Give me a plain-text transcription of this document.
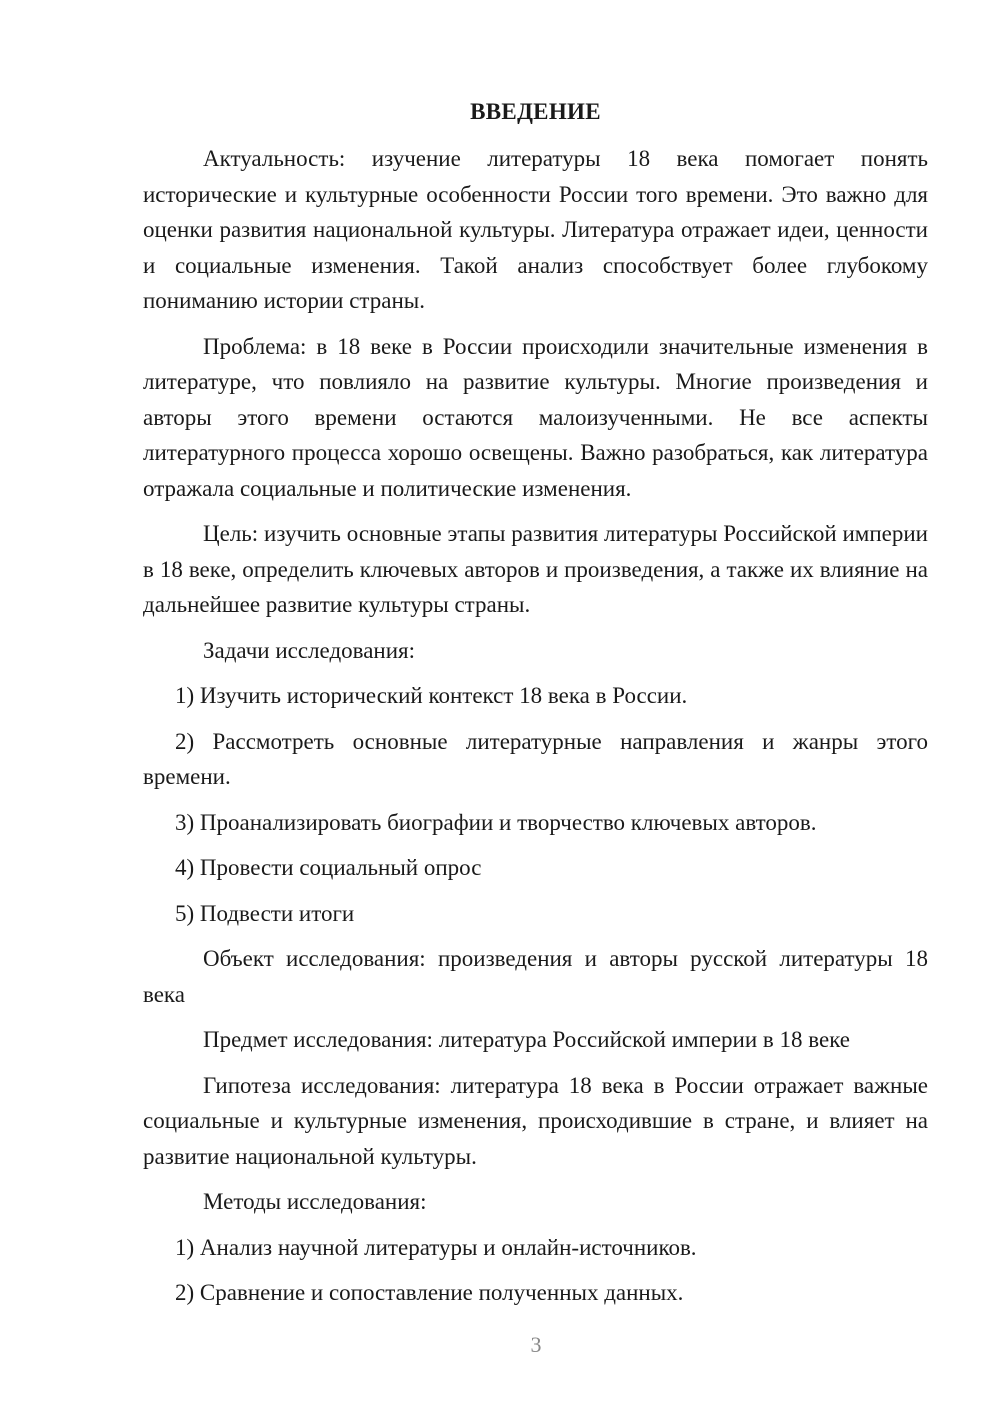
ВВЕДЕНИЕ

Актуальность: изучение литературы 18 века помогает понять исторические и культурные особенности России того времени. Это важно для оценки развития национальной культуры. Литература отражает идеи, ценности и социальные изменения. Такой анализ способствует более глубокому пониманию истории страны.

Проблема: в 18 веке в России происходили значительные изменения в литературе, что повлияло на развитие культуры. Многие произведения и авторы этого времени остаются малоизученными. Не все аспекты литературного процесса хорошо освещены. Важно разобраться, как литература отражала социальные и политические изменения.

Цель: изучить основные этапы развития литературы Российской империи в 18 веке, определить ключевых авторов и произведения, а также их влияние на дальнейшее развитие культуры страны.

Задачи исследования:

1) Изучить исторический контекст 18 века в России.

2) Рассмотреть основные литературные направления и жанры этого времени.

3) Проанализировать биографии и творчество ключевых авторов.

4) Провести социальный опрос

5) Подвести итоги

Объект исследования: произведения и авторы русской литературы 18 века

Предмет исследования: литература Российской империи в 18 веке

Гипотеза исследования: литература 18 века в России отражает важные социальные и культурные изменения, происходившие в стране, и влияет на развитие национальной культуры.

Методы исследования:

1) Анализ научной литературы и онлайн-источников.

2) Сравнение и сопоставление полученных данных.

3
